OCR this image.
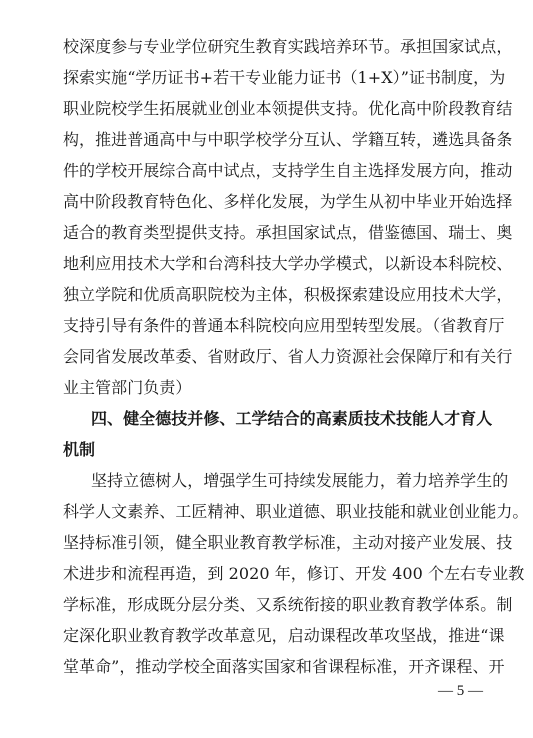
校深度参与专业学位研究生教育实践培养环节。承担国家试点，
探索实施“学历证书+若干专业能力证书（1+X）”证书制度，为
职业院校学生拓展就业创业本领提供支持。优化高中阶段教育结
构，推进普通高中与中职学校学分互认、学籍互转，遴选具备条
件的学校开展综合高中试点，支持学生自主选择发展方向，推动
高中阶段教育特色化、多样化发展，为学生从初中毕业开始选择
适合的教育类型提供支持。承担国家试点，借鉴德国、瑞士、奥
地利应用技术大学和台湾科技大学办学模式，以新设本科院校、
独立学院和优质高职院校为主体，积极探索建设应用技术大学，
支持引导有条件的普通本科院校向应用型转型发展。（省教育厅
会同省发展改革委、省财政厅、省人力资源社会保障厅和有关行
业主管部门负责）
四、健全德技并修、工学结合的高素质技术技能人才育人
机制
坚持立德树人，增强学生可持续发展能力，着力培养学生的
科学人文素养、工匠精神、职业道德、职业技能和就业创业能力。
坚持标准引领，健全职业教育教学标准，主动对接产业发展、技
术进步和流程再造，到 2020 年，修订、开发 400 个左右专业教
学标准，形成既分层分类、又系统衔接的职业教育教学体系。制
定深化职业教育教学改革意见，启动课程改革攻坚战，推进“课
堂革命”，推动学校全面落实国家和省课程标准，开齐课程、开
— 5 —
